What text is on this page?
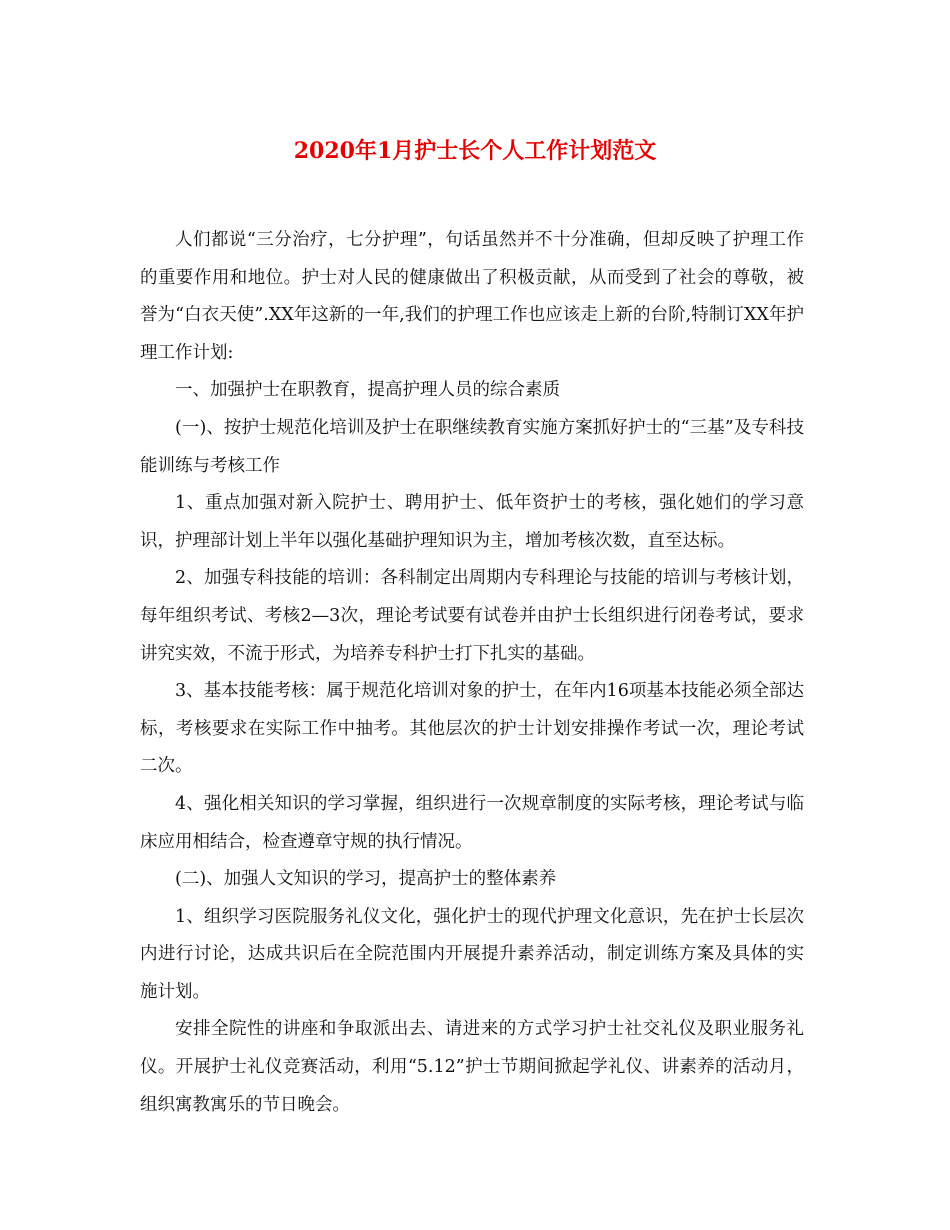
2020年1月护士长个人工作计划范文

人们都说“三分治疗，七分护理”，句话虽然并不十分准确，但却反映了护理工作的重要作用和地位。护士对人民的健康做出了积极贡献，从而受到了社会的尊敬，被誉为“白衣天使”.XX年这新的一年,我们的护理工作也应该走上新的台阶,特制订XX年护理工作计划:

一、加强护士在职教育，提高护理人员的综合素质

(一)、按护士规范化培训及护士在职继续教育实施方案抓好护士的“三基”及专科技能训练与考核工作

1、重点加强对新入院护士、聘用护士、低年资护士的考核，强化她们的学习意识，护理部计划上半年以强化基础护理知识为主，增加考核次数，直至达标。

2、加强专科技能的培训：各科制定出周期内专科理论与技能的培训与考核计划，每年组织考试、考核2—3次，理论考试要有试卷并由护士长组织进行闭卷考试，要求讲究实效，不流于形式，为培养专科护士打下扎实的基础。

3、基本技能考核：属于规范化培训对象的护士，在年内16项基本技能必须全部达标，考核要求在实际工作中抽考。其他层次的护士计划安排操作考试一次，理论考试二次。

4、强化相关知识的学习掌握，组织进行一次规章制度的实际考核，理论考试与临床应用相结合，检查遵章守规的执行情况。

(二)、加强人文知识的学习，提高护士的整体素养

1、组织学习医院服务礼仪文化，强化护士的现代护理文化意识，先在护士长层次内进行讨论，达成共识后在全院范围内开展提升素养活动，制定训练方案及具体的实施计划。

安排全院性的讲座和争取派出去、请进来的方式学习护士社交礼仪及职业服务礼仪。开展护士礼仪竞赛活动，利用“5.12”护士节期间掀起学礼仪、讲素养的活动月，组织寓教寓乐的节日晚会。
